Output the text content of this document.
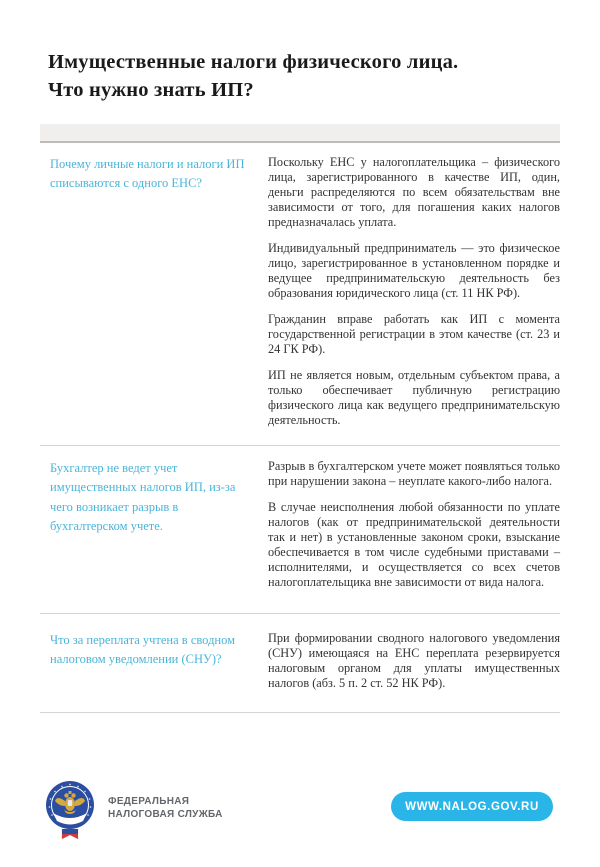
Имущественные налоги физического лица.
Что нужно знать ИП?
Почему личные налоги и налоги ИП списываются с одного ЕНС?

Поскольку ЕНС у налогоплательщика – физического лица, зарегистрированного в качестве ИП, один, деньги распределяются по всем обязательствам вне зависимости от того, для погашения каких налогов предназначалась уплата.

Индивидуальный предприниматель — это физическое лицо, зарегистрированное в установленном порядке и ведущее предпринимательскую деятельность без образования юридического лица (ст. 11 НК РФ).

Гражданин вправе работать как ИП с момента государственной регистрации в этом качестве (ст. 23 и 24 ГК РФ).

ИП не является новым, отдельным субъектом права, а только обеспечивает публичную регистрацию физического лица как ведущего предпринимательскую деятельность.

Бухгалтер не ведет учет имущественных налогов ИП, из-за чего возникает разрыв в бухгалтерском учете.

Разрыв в бухгалтерском учете может появляться только при нарушении закона – неуплате какого-либо налога.

В случае неисполнения любой обязанности по уплате налогов (как от предпринимательской деятельности так и нет) в установленные законом сроки, взыскание обеспечивается в том числе судебными приставами – исполнителями, и осуществляется со всех счетов налогоплательщика вне зависимости от вида налога.

Что за переплата учтена в сводном налоговом уведомлении (СНУ)?

При формировании сводного налогового уведомления (СНУ) имеющаяся на ЕНС переплата резервируется налоговым органом для уплаты имущественных налогов (абз. 5 п. 2 ст. 52 НК РФ).

ФЕДЕРАЛЬНАЯ
НАЛОГОВАЯ СЛУЖБА
WWW.NALOG.GOV.RU
